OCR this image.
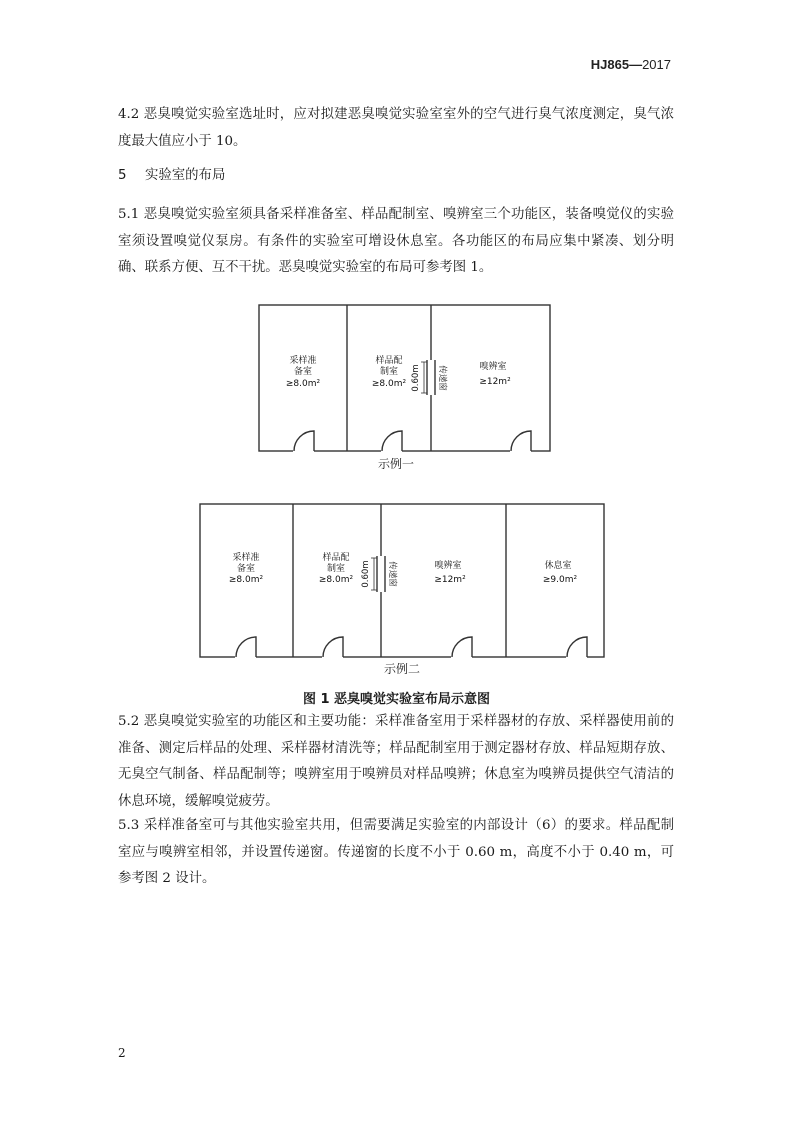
HJ865—2017

4.2 恶臭嗅觉实验室选址时，应对拟建恶臭嗅觉实验室室外的空气进行臭气浓度测定，臭气浓度最大值应小于 10。

5 实验室的布局

5.1 恶臭嗅觉实验室须具备采样准备室、样品配制室、嗅辨室三个功能区，装备嗅觉仪的实验室须设置嗅觉仪泵房。有条件的实验室可增设休息室。各功能区的布局应集中紧凑、划分明确、联系方便、互不干扰。恶臭嗅觉实验室的布局可参考图 1。

采样准
备室
≥8.0m²
样品配
制室
≥8.0m²
嗅辨室
≥12m²
0.60m 传递窗
采样准
备室
≥8.0m²
样品配
制室
≥8.0m²
嗅辨室
≥12m²
休息室
≥9.0m²
0.60m 传递窗
示例一
示例二
图 1 恶臭嗅觉实验室布局示意图

5.2 恶臭嗅觉实验室的功能区和主要功能：采样准备室用于采样器材的存放、采样器使用前的准备、测定后样品的处理、采样器材清洗等；样品配制室用于测定器材存放、样品短期存放、无臭空气制备、样品配制等；嗅辨室用于嗅辨员对样品嗅辨；休息室为嗅辨员提供空气清洁的休息环境，缓解嗅觉疲劳。

5.3 采样准备室可与其他实验室共用，但需要满足实验室的内部设计（6）的要求。样品配制室应与嗅辨室相邻，并设置传递窗。传递窗的长度不小于 0.60 m，高度不小于 0.40 m，可参考图 2 设计。

2
